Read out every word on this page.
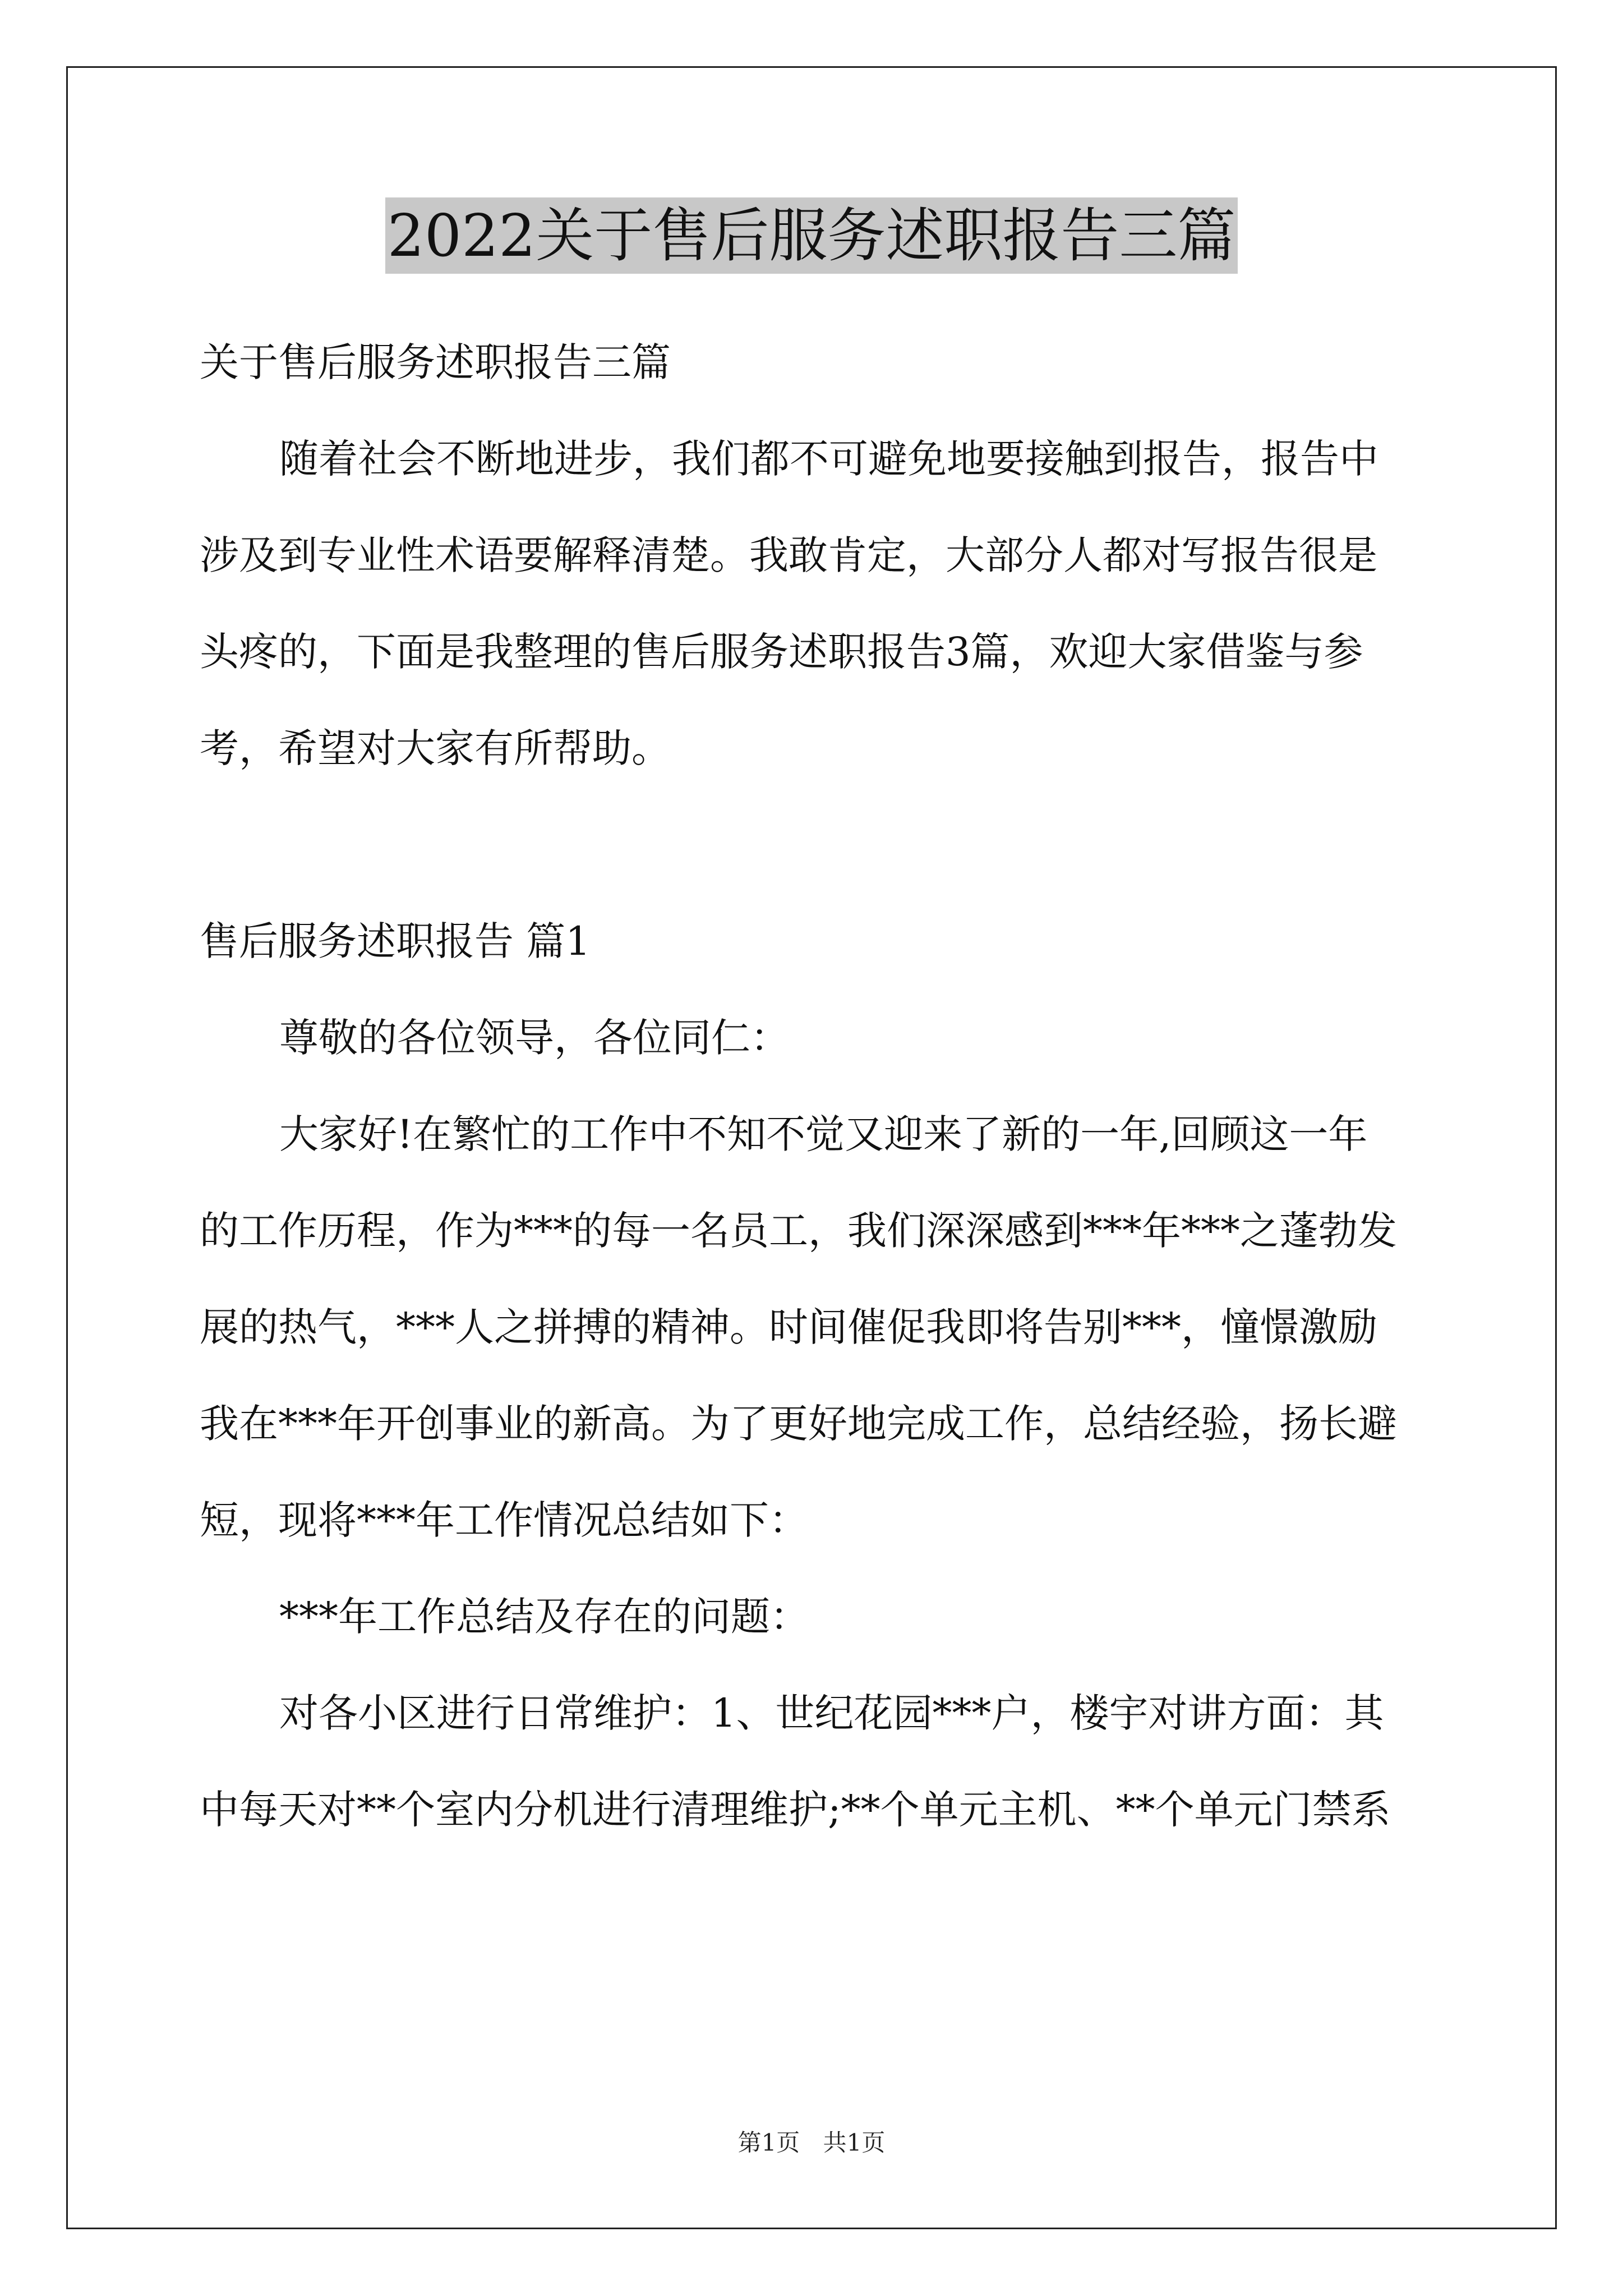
2022关于售后服务述职报告三篇

关于售后服务述职报告三篇

随着社会不断地进步，我们都不可避免地要接触到报告，报告中

涉及到专业性术语要解释清楚。我敢肯定，大部分人都对写报告很是

头疼的，下面是我整理的售后服务述职报告3篇，欢迎大家借鉴与参

考，希望对大家有所帮助。

售后服务述职报告 篇1

尊敬的各位领导，各位同仁：

大家好!在繁忙的工作中不知不觉又迎来了新的一年,回顾这一年

的工作历程，作为***的每一名员工，我们深深感到***年***之蓬勃发

展的热气，***人之拼搏的精神。时间催促我即将告别***，憧憬激励

我在***年开创事业的新高。为了更好地完成工作，总结经验，扬长避

短，现将***年工作情况总结如下：

***年工作总结及存在的问题：

对各小区进行日常维护：1、世纪花园***户，楼宇对讲方面：其

中每天对**个室内分机进行清理维护;**个单元主机、**个单元门禁系

第1页 共1页
